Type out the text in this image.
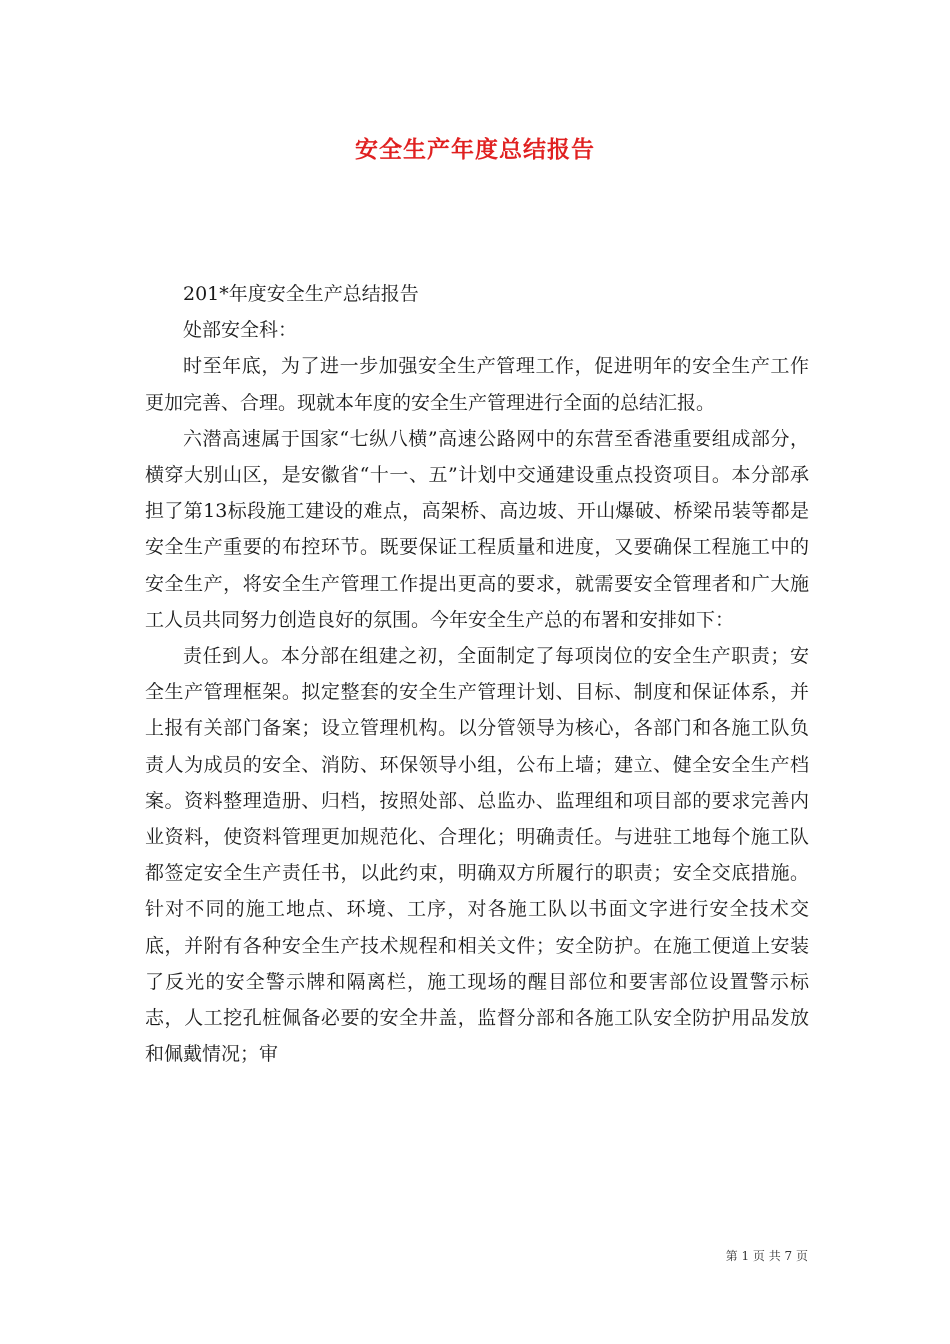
安全生产年度总结报告

201*年度安全生产总结报告

处部安全科：

时至年底，为了进一步加强安全生产管理工作，促进明年的安全生产工作更加完善、合理。现就本年度的安全生产管理进行全面的总结汇报。

六潜高速属于国家“七纵八横”高速公路网中的东营至香港重要组成部分，横穿大别山区，是安徽省“十一、五”计划中交通建设重点投资项目。本分部承担了第13标段施工建设的难点，高架桥、高边坡、开山爆破、桥梁吊装等都是安全生产重要的布控环节。既要保证工程质量和进度，又要确保工程施工中的安全生产，将安全生产管理工作提出更高的要求，就需要安全管理者和广大施工人员共同努力创造良好的氛围。今年安全生产总的布署和安排如下：

责任到人。本分部在组建之初，全面制定了每项岗位的安全生产职责；安全生产管理框架。拟定整套的安全生产管理计划、目标、制度和保证体系，并上报有关部门备案；设立管理机构。以分管领导为核心，各部门和各施工队负责人为成员的安全、消防、环保领导小组，公布上墙；建立、健全安全生产档案。资料整理造册、归档，按照处部、总监办、监理组和项目部的要求完善内业资料，使资料管理更加规范化、合理化；明确责任。与进驻工地每个施工队都签定安全生产责任书，以此约束，明确双方所履行的职责；安全交底措施。针对不同的施工地点、环境、工序，对各施工队以书面文字进行安全技术交底，并附有各种安全生产技术规程和相关文件；安全防护。在施工便道上安装了反光的安全警示牌和隔离栏，施工现场的醒目部位和要害部位设置警示标志，人工挖孔桩佩备必要的安全井盖，监督分部和各施工队安全防护用品发放和佩戴情况；审

第 1 页 共 7 页
